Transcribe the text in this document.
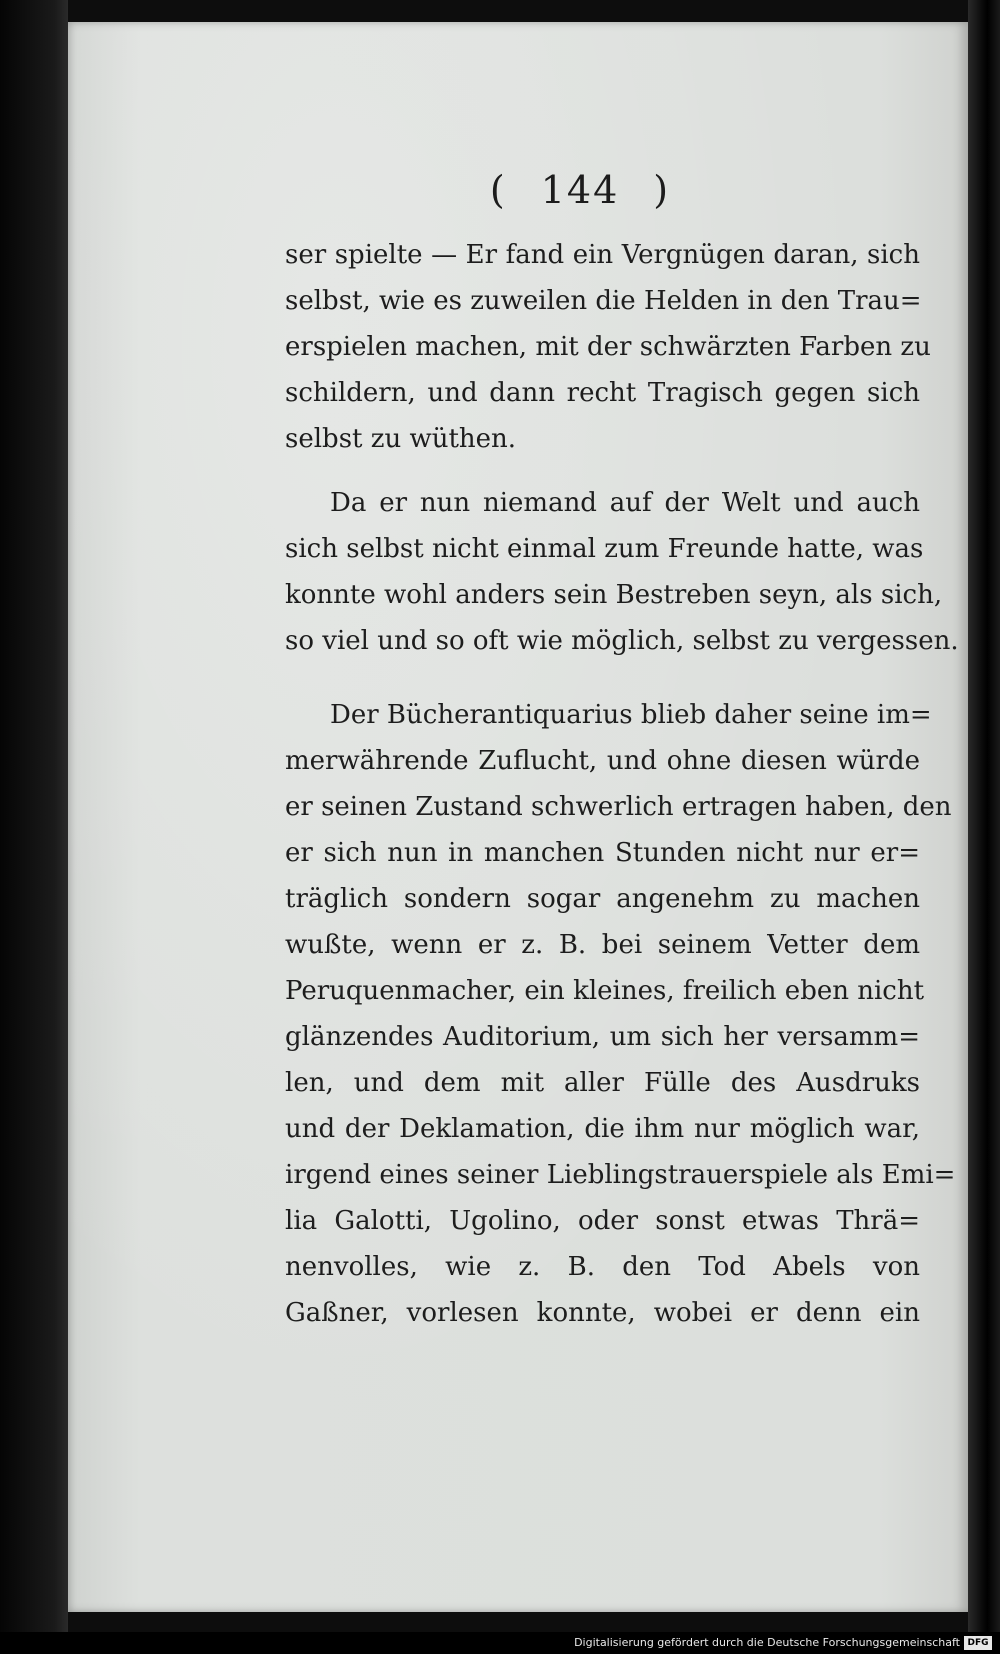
( 144 )
ser spielte — Er fand ein Vergnügen daran, sich
selbst, wie es zuweilen die Helden in den Trau=
erspielen machen, mit der schwärzten Farben zu
schildern, und dann recht Tragisch gegen sich
selbst zu wüthen.
Da er nun niemand auf der Welt und auch
sich selbst nicht einmal zum Freunde hatte, was
konnte wohl anders sein Bestreben seyn, als sich,
so viel und so oft wie möglich, selbst zu vergessen.
Der Bücherantiquarius blieb daher seine im=
merwährende Zuflucht, und ohne diesen würde
er seinen Zustand schwerlich ertragen haben, den
er sich nun in manchen Stunden nicht nur er=
träglich sondern sogar angenehm zu machen
wußte, wenn er z. B. bei seinem Vetter dem
Peruquenmacher, ein kleines, freilich eben nicht
glänzendes Auditorium, um sich her versamm=
len, und dem mit aller Fülle des Ausdruks
und der Deklamation, die ihm nur möglich war,
irgend eines seiner Lieblingstrauerspiele als Emi=
lia Galotti, Ugolino, oder sonst etwas Thrä=
nenvolles, wie z. B. den Tod Abels von
Gaßner, vorlesen konnte, wobei er denn ein
Digitalisierung gefördert durch die Deutsche Forschungsgemeinschaft DFG
